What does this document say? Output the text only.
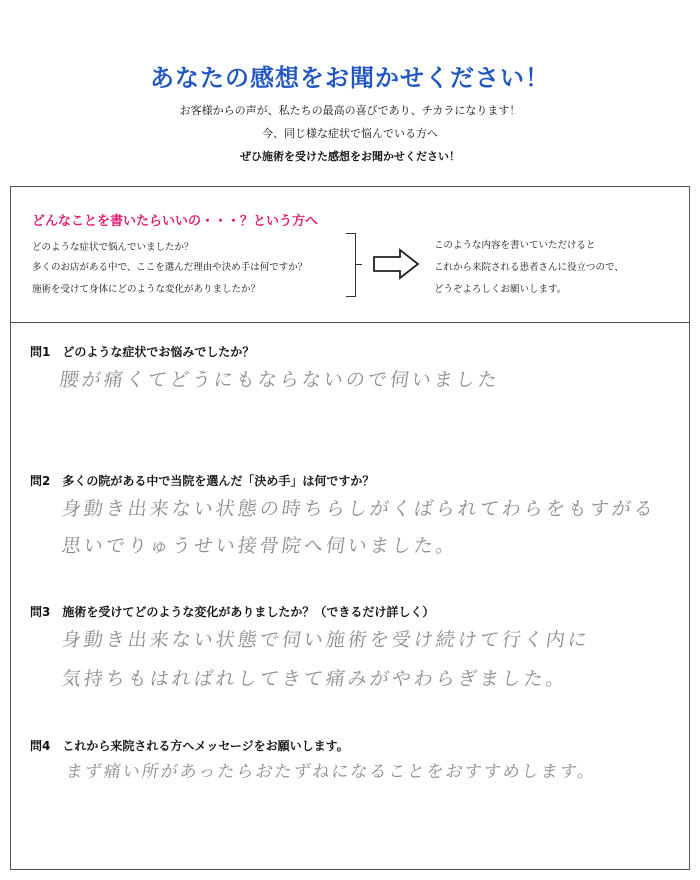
あなたの感想をお聞かせください！
お客様からの声が、私たちの最高の喜びであり、チカラになります！
今、同じ様な症状で悩んでいる方へ
ぜひ施術を受けた感想をお聞かせください！
どんなことを書いたらいいの・・・？という方へ
どのような症状で悩んでいましたか？
多くのお店がある中で、ここを選んだ理由や決め手は何ですか？
施術を受けて身体にどのような変化がありましたか？
このような内容を書いていただけると
これから来院される患者さんに役立つので、
どうぞよろしくお願いします。
問1　どのような症状でお悩みでしたか？
腰が痛くてどうにもならないので伺いました
問2　多くの院がある中で当院を選んだ「決め手」は何ですか？
身動き出来ない状態の時ちらしがくばられてわらをもすがる
思いでりゅうせい接骨院へ伺いました。
問3　施術を受けてどのような変化がありましたか？（できるだけ詳しく）
身動き出来ない状態で伺い施術を受け続けて行く内に
気持ちもはればれしてきて痛みがやわらぎました。
問4　これから来院される方へメッセージをお願いします。
まず痛い所があったらおたずねになることをおすすめします。
